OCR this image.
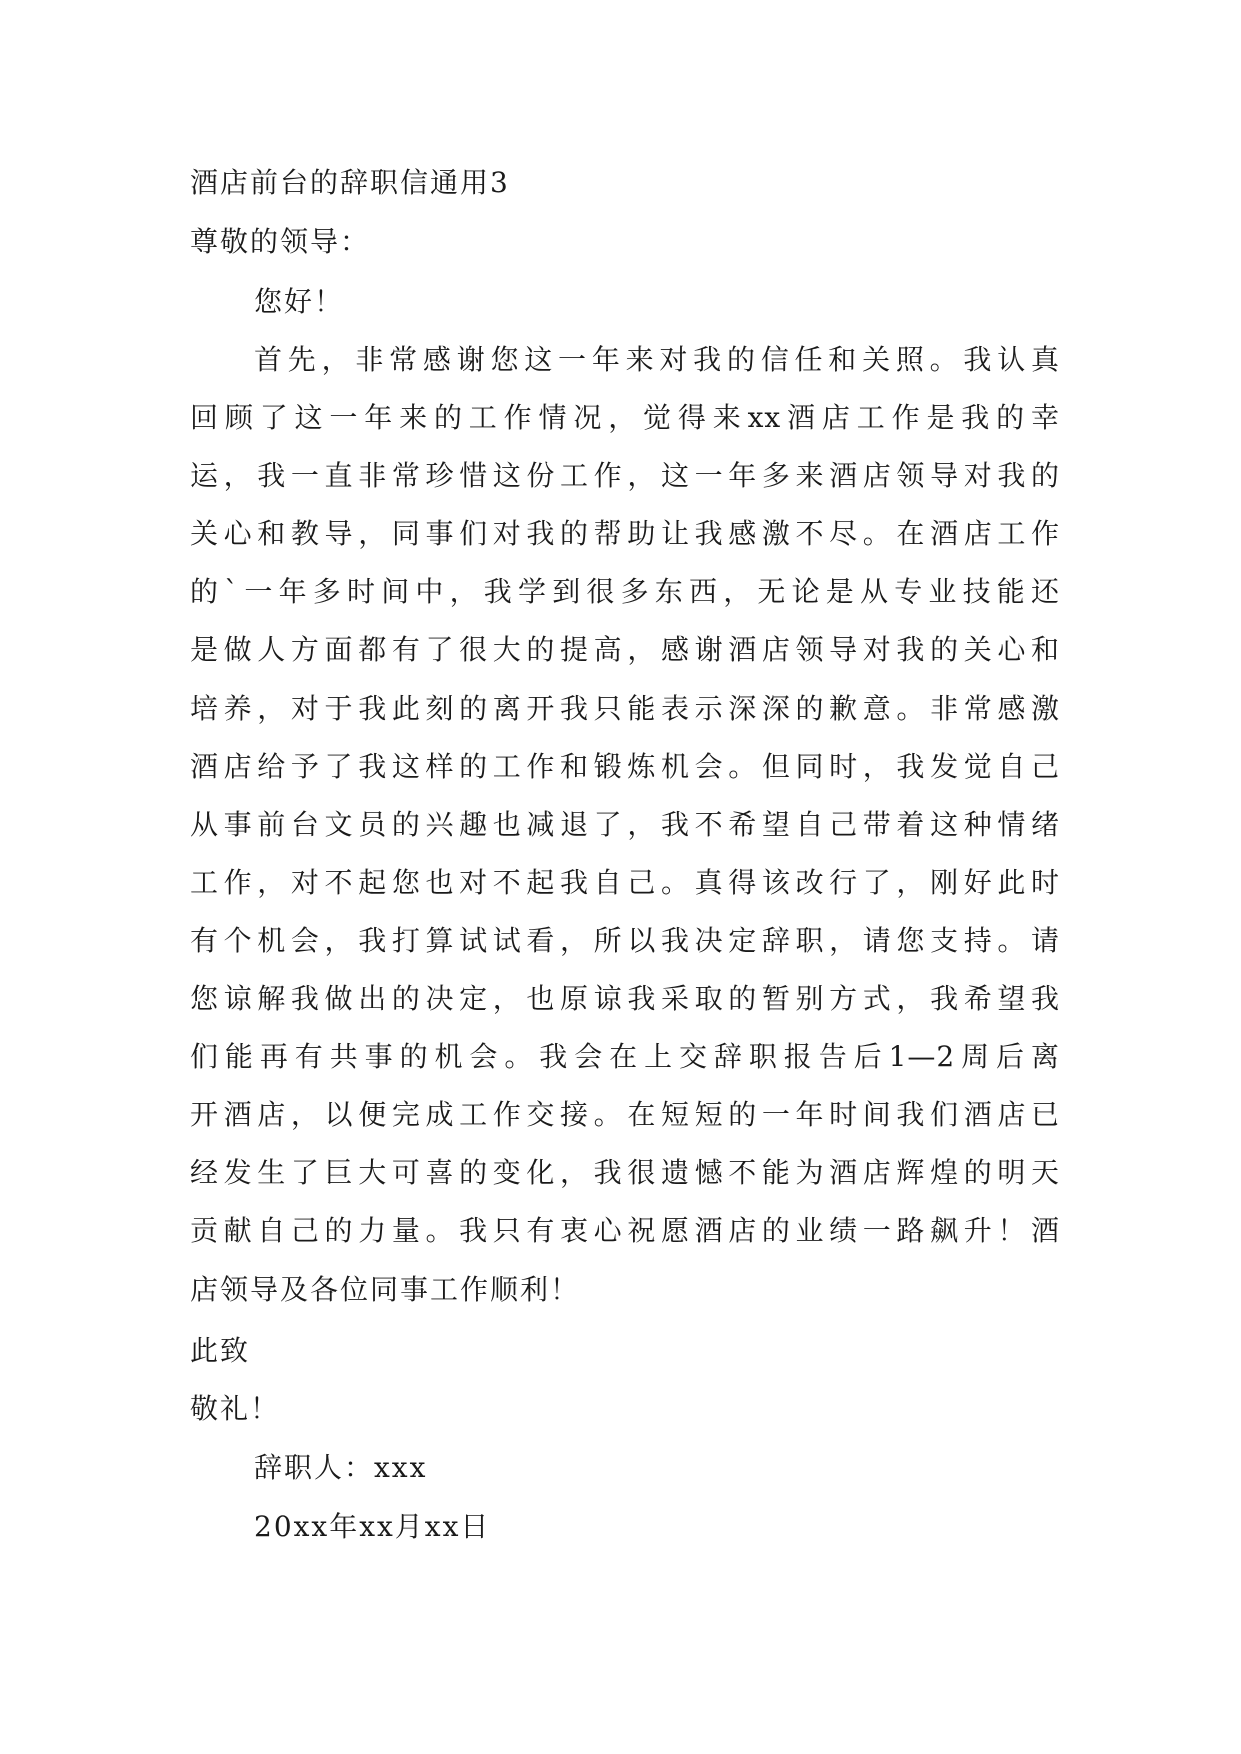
酒店前台的辞职信通用3
尊敬的领导：
您好！
首先，非常感谢您这一年来对我的信任和关照。我认真
回顾了这一年来的工作情况，觉得来xx酒店工作是我的幸
运，我一直非常珍惜这份工作，这一年多来酒店领导对我的
关心和教导，同事们对我的帮助让我感激不尽。在酒店工作
的`一年多时间中，我学到很多东西，无论是从专业技能还
是做人方面都有了很大的提高，感谢酒店领导对我的关心和
培养，对于我此刻的离开我只能表示深深的歉意。非常感激
酒店给予了我这样的工作和锻炼机会。但同时，我发觉自己
从事前台文员的兴趣也减退了，我不希望自己带着这种情绪
工作，对不起您也对不起我自己。真得该改行了，刚好此时
有个机会，我打算试试看，所以我决定辞职，请您支持。请
您谅解我做出的决定，也原谅我采取的暂别方式，我希望我
们能再有共事的机会。我会在上交辞职报告后1—2周后离
开酒店，以便完成工作交接。在短短的一年时间我们酒店已
经发生了巨大可喜的变化，我很遗憾不能为酒店辉煌的明天
贡献自己的力量。我只有衷心祝愿酒店的业绩一路飙升！酒
店领导及各位同事工作顺利！
此致
敬礼！
辞职人：xxx
20xx年xx月xx日
